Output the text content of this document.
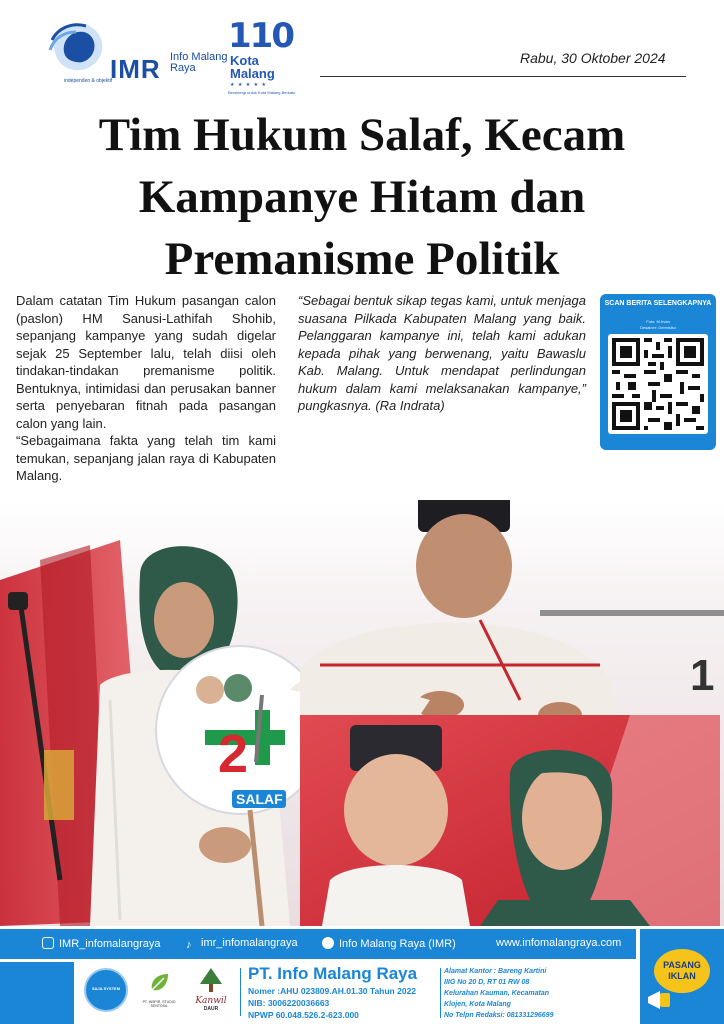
IMR Info Malang Raya
independen & objektif
110
Kota Malang
★ ★ ★ ★ ★
Bersinergi untuk Kota Malang Bersatu
Rabu, 30 Oktober 2024
Tim Hukum Salaf, Kecam Kampanye Hitam dan Premanisme Politik

Dalam catatan Tim Hukum pasangan calon (paslon) HM Sanusi-Lathifah Shohib, sepanjang kampanye yang sudah digelar sejak 25 September lalu, telah diisi oleh tindakan-tindakan premanisme politik. Bentuknya, intimidasi dan perusakan banner serta penyebaran fitnah pada pasangan calon yang lain.

“Sebagaimana fakta yang telah tim kami temukan, sepanjang jalan raya di Kabupaten Malang.

“Sebagai bentuk sikap tegas kami, untuk menjaga suasana Pilkada Kabupaten Malang yang baik. Pelanggaran kampanye ini, telah kami adukan kepada pihak yang berwenang, yaitu Bawaslu Kab. Malang. Untuk mendapat perlindungan hukum dalam kami melaksanakan kampanye,” pungkasnya. (Ra Indrata)

SCAN BERITA SELENGKAPNYA
Foto: M.Irvan
Desainer: Dennisiko
1
2
SALAF
IMR_infomalangraya ♪ imr_infomalangraya	Info Malang Raya (IMR)	www.infomalangraya.com
PASANG IKLAN
SAJA SYSTEM
PT. INSPIR. STUDIO SENTOSA	Kanwil
DAUR
PT. Info Malang Raya
Nomer :AHU 023809.AH.01.30 Tahun 2022
NIB: 3006220036663
NPWP 60.048.526.2-623.000
Alamat Kantor : Bareng Kartini
IIIG No 20 D, RT 01 RW 08
Kelurahan Kauman, Kecamatan
Klojen, Kota Malang
No Telpn Redaksi: 081331296699
